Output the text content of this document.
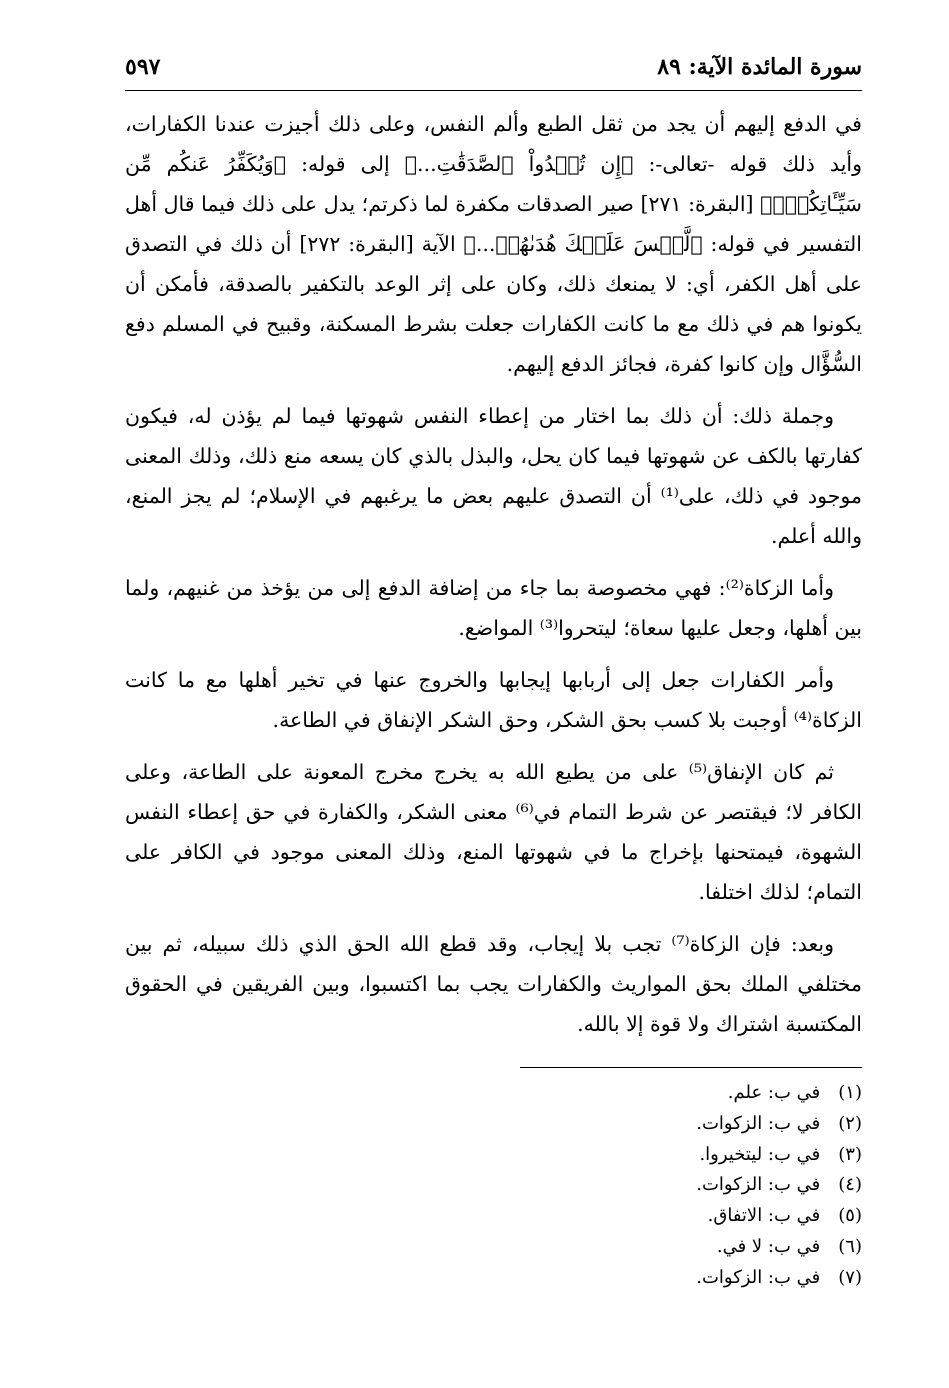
سورة المائدة الآية: ٨٩
٥٩٧

في الدفع إليهم أن يجد من ثقل الطبع وألم النفس، وعلى ذلك أجيزت عندنا الكفارات، وأيد ذلك قوله -تعالى-: ﴿إِن تُبۡدُواْ ٱلصَّدَقَٰتِ...﴾ إلى قوله: ﴿وَيُكَفِّرُ عَنكُم مِّن سَيِّـَٔاتِكُمۡۗ﴾ [البقرة: ٢٧١] صير الصدقات مكفرة لما ذكرتم؛ يدل على ذلك فيما قال أهل التفسير في قوله: ﴿لَّيۡسَ عَلَيۡكَ هُدَىٰهُمۡ...﴾ الآية [البقرة: ٢٧٢] أن ذلك في التصدق على أهل الكفر، أي: لا يمنعك ذلك، وكان على إثر الوعد بالتكفير بالصدقة، فأمكن أن يكونوا هم في ذلك مع ما كانت الكفارات جعلت بشرط المسكنة، وقبيح في المسلم دفع السُّؤَّال وإن كانوا كفرة، فجائز الدفع إليهم.

وجملة ذلك: أن ذلك بما اختار من إعطاء النفس شهوتها فيما لم يؤذن له، فيكون كفارتها بالكف عن شهوتها فيما كان يحل، والبذل بالذي كان يسعه منع ذلك، وذلك المعنى موجود في ذلك، على⁽¹⁾ أن التصدق عليهم بعض ما يرغبهم في الإسلام؛ لم يجز المنع، والله أعلم.

وأما الزكاة⁽²⁾: فهي مخصوصة بما جاء من إضافة الدفع إلى من يؤخذ من غنيهم، ولما بين أهلها، وجعل عليها سعاة؛ ليتحروا⁽³⁾ المواضع.

وأمر الكفارات جعل إلى أربابها إيجابها والخروج عنها في تخير أهلها مع ما كانت الزكاة⁽⁴⁾ أوجبت بلا كسب بحق الشكر، وحق الشكر الإنفاق في الطاعة.

ثم كان الإنفاق⁽⁵⁾ على من يطيع الله به يخرج مخرج المعونة على الطاعة، وعلى الكافر لا؛ فيقتصر عن شرط التمام في⁽⁶⁾ معنى الشكر، والكفارة في حق إعطاء النفس الشهوة، فيمتحنها بإخراج ما في شهوتها المنع، وذلك المعنى موجود في الكافر على التمام؛ لذلك اختلفا.

وبعد: فإن الزكاة⁽⁷⁾ تجب بلا إيجاب، وقد قطع الله الحق الذي ذلك سبيله، ثم بين مختلفي الملك بحق المواريث والكفارات يجب بما اكتسبوا، وبين الفريقين في الحقوق المكتسبة اشتراك ولا قوة إلا بالله.

(١) في ب: علم.
(٢) في ب: الزكوات.
(٣) في ب: ليتخيروا.
(٤) في ب: الزكوات.
(٥) في ب: الاتفاق.
(٦) في ب: لا في.
(٧) في ب: الزكوات.
